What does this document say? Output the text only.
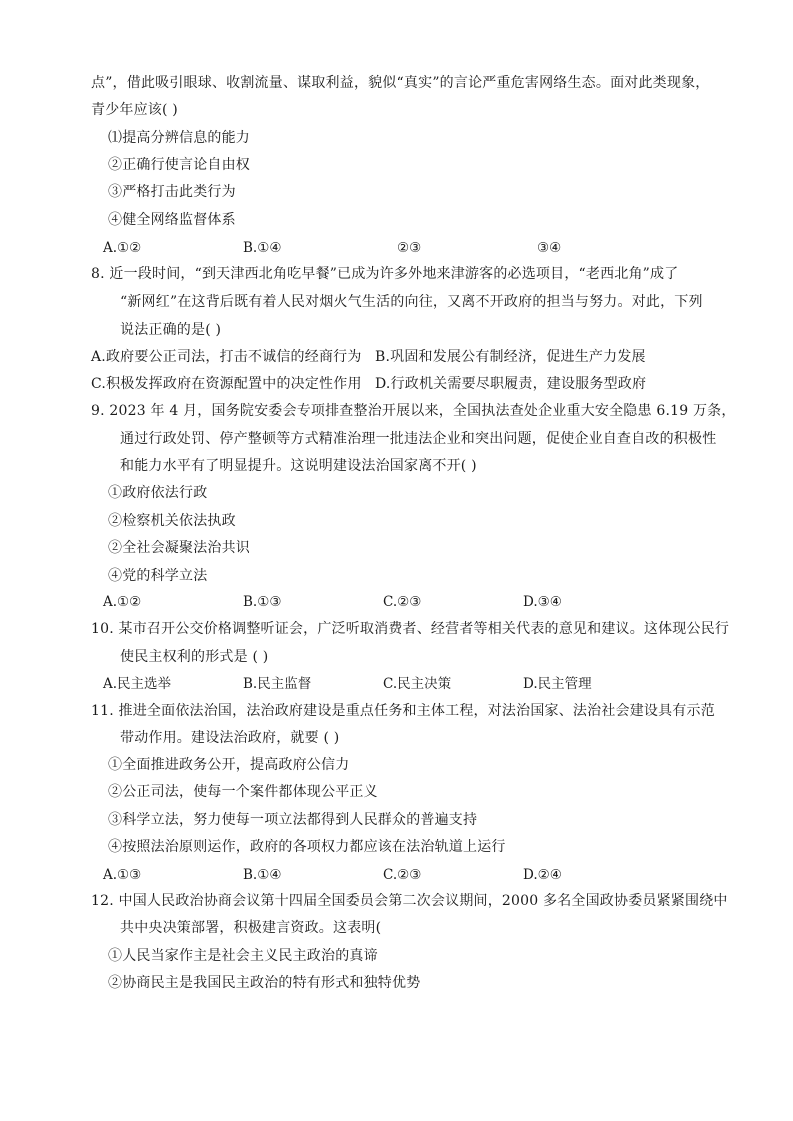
点”，借此吸引眼球、收割流量、谋取利益，貌似“真实”的言论严重危害网络生态。面对此类现象，
青少年应该( )
⑴提高分辨信息的能力
②正确行使言论自由权
③严格打击此类行为
④健全网络监督体系
A.①②	B.①④	②③	③④
8. 近一段时间，“到天津西北角吃早餐”已成为许多外地来津游客的必选项目，“老西北角”成了
“新网红”在这背后既有着人民对烟火气生活的向往，又离不开政府的担当与努力。对此，下列
说法正确的是( )
A.政府要公正司法，打击不诚信的经商行为 B.巩固和发展公有制经济，促进生产力发展
C.积极发挥政府在资源配置中的决定性作用 D.行政机关需要尽职履责，建设服务型政府
9. 2023 年 4 月，国务院安委会专项排查整治开展以来，全国执法查处企业重大安全隐患 6.19 万条，
通过行政处罚、停产整顿等方式精准治理一批违法企业和突出问题，促使企业自查自改的积极性
和能力水平有了明显提升。这说明建设法治国家离不开( )
①政府依法行政
②检察机关依法执政
②全社会凝聚法治共识
④党的科学立法
A.①②	B.①③	C.②③	D.③④
10. 某市召开公交价格调整听证会，广泛听取消费者、经营者等相关代表的意见和建议。这体现公民行
使民主权利的形式是 ( )
A.民主选举	B.民主监督	C.民主决策	D.民主管理
11. 推进全面依法治国，法治政府建设是重点任务和主体工程，对法治国家、法治社会建设具有示范
带动作用。建设法治政府，就要 ( )
①全面推进政务公开，提高政府公信力
②公正司法，使每一个案件都体现公平正义
③科学立法，努力使每一项立法都得到人民群众的普遍支持
④按照法治原则运作，政府的各项权力都应该在法治轨道上运行
A.①③	B.①④	C.②③	D.②④
12. 中国人民政治协商会议第十四届全国委员会第二次会议期间，2000 多名全国政协委员紧紧围绕中
共中央决策部署，积极建言资政。这表明(
①人民当家作主是社会主义民主政治的真谛
②协商民主是我国民主政治的特有形式和独特优势
